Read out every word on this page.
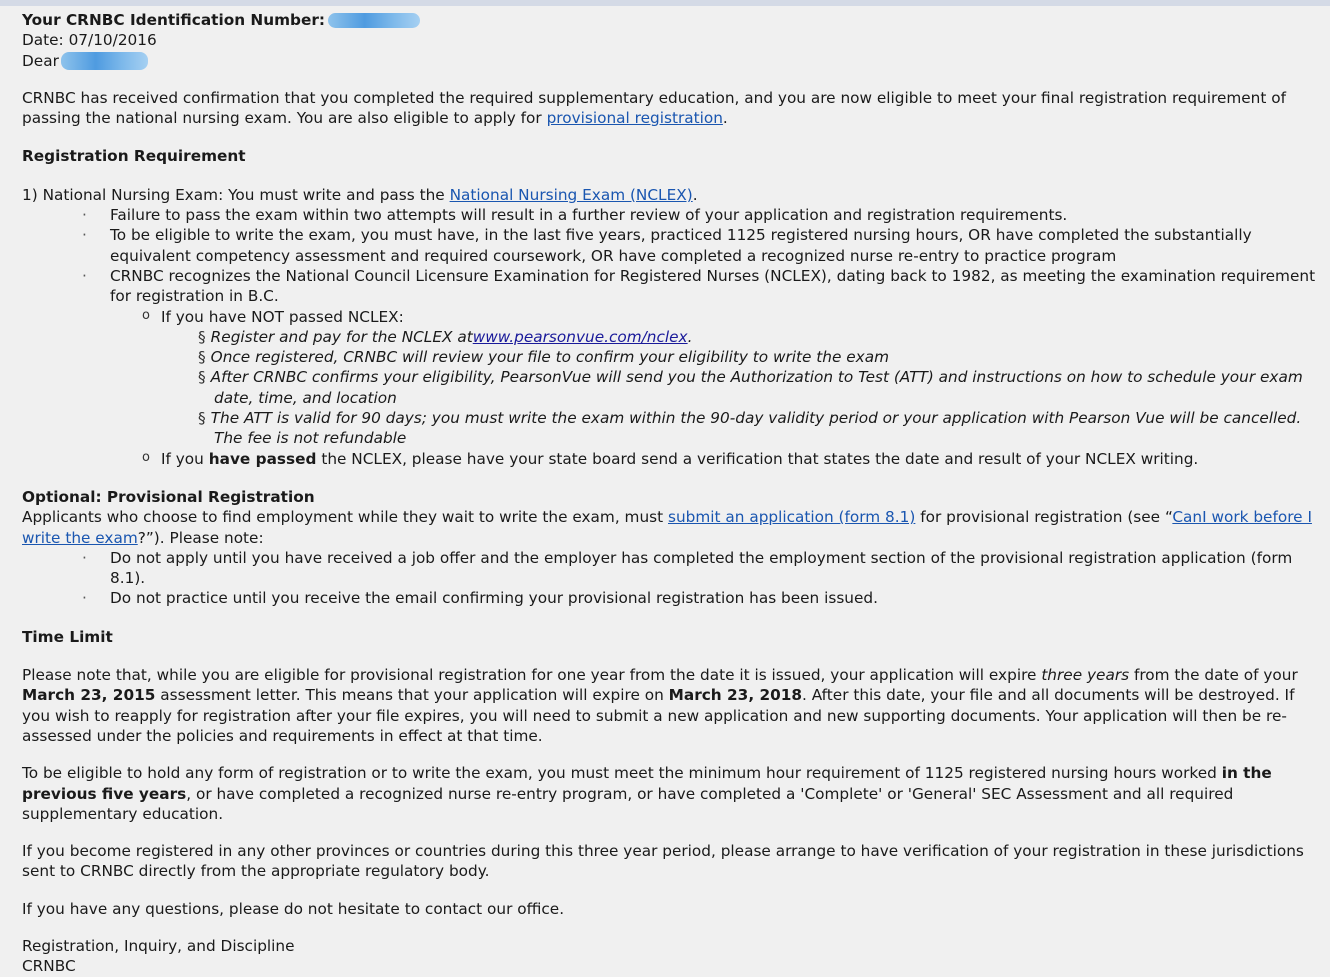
Your CRNBC Identification Number:

Date: 07/10/2016

Dear

CRNBC has received confirmation that you completed the required supplementary education, and you are now eligible to meet your final registration requirement of passing the national nursing exam. You are also eligible to apply for provisional registration.

Registration Requirement

1) National Nursing Exam: You must write and pass the National Nursing Exam (NCLEX).

· Failure to pass the exam within two attempts will result in a further review of your application and registration requirements.
· To be eligible to write the exam, you must have, in the last five years, practiced 1125 registered nursing hours, OR have completed the substantially equivalent competency assessment and required coursework, OR have completed a recognized nurse re-entry to practice program
· CRNBC recognizes the National Council Licensure Examination for Registered Nurses (NCLEX), dating back to 1982, as meeting the examination requirement for registration in B.C.
o If you have NOT passed NCLEX:
§ Register and pay for the NCLEX atwww.pearsonvue.com/nclex.
§ Once registered, CRNBC will review your file to confirm your eligibility to write the exam
§ After CRNBC confirms your eligibility, PearsonVue will send you the Authorization to Test (ATT) and instructions on how to schedule your exam date, time, and location
§ The ATT is valid for 90 days; you must write the exam within the 90-day validity period or your application with Pearson Vue will be cancelled. The fee is not refundable
o If you have passed the NCLEX, please have your state board send a verification that states the date and result of your NCLEX writing.

Optional: Provisional Registration

Applicants who choose to find employment while they wait to write the exam, must submit an application (form 8.1) for provisional registration (see “CanI work before I write the exam?”). Please note:

· Do not apply until you have received a job offer and the employer has completed the employment section of the provisional registration application (form 8.1).
· Do not practice until you receive the email confirming your provisional registration has been issued.

Time Limit

Please note that, while you are eligible for provisional registration for one year from the date it is issued, your application will expire three years from the date of your March 23, 2015 assessment letter. This means that your application will expire on March 23, 2018. After this date, your file and all documents will be destroyed. If you wish to reapply for registration after your file expires, you will need to submit a new application and new supporting documents. Your application will then be re-assessed under the policies and requirements in effect at that time.

To be eligible to hold any form of registration or to write the exam, you must meet the minimum hour requirement of 1125 registered nursing hours worked in the previous five years, or have completed a recognized nurse re-entry program, or have completed a 'Complete' or 'General' SEC Assessment and all required supplementary education.

If you become registered in any other provinces or countries during this three year period, please arrange to have verification of your registration in these jurisdictions sent to CRNBC directly from the appropriate regulatory body.

If you have any questions, please do not hesitate to contact our office.

Registration, Inquiry, and Discipline

CRNBC
